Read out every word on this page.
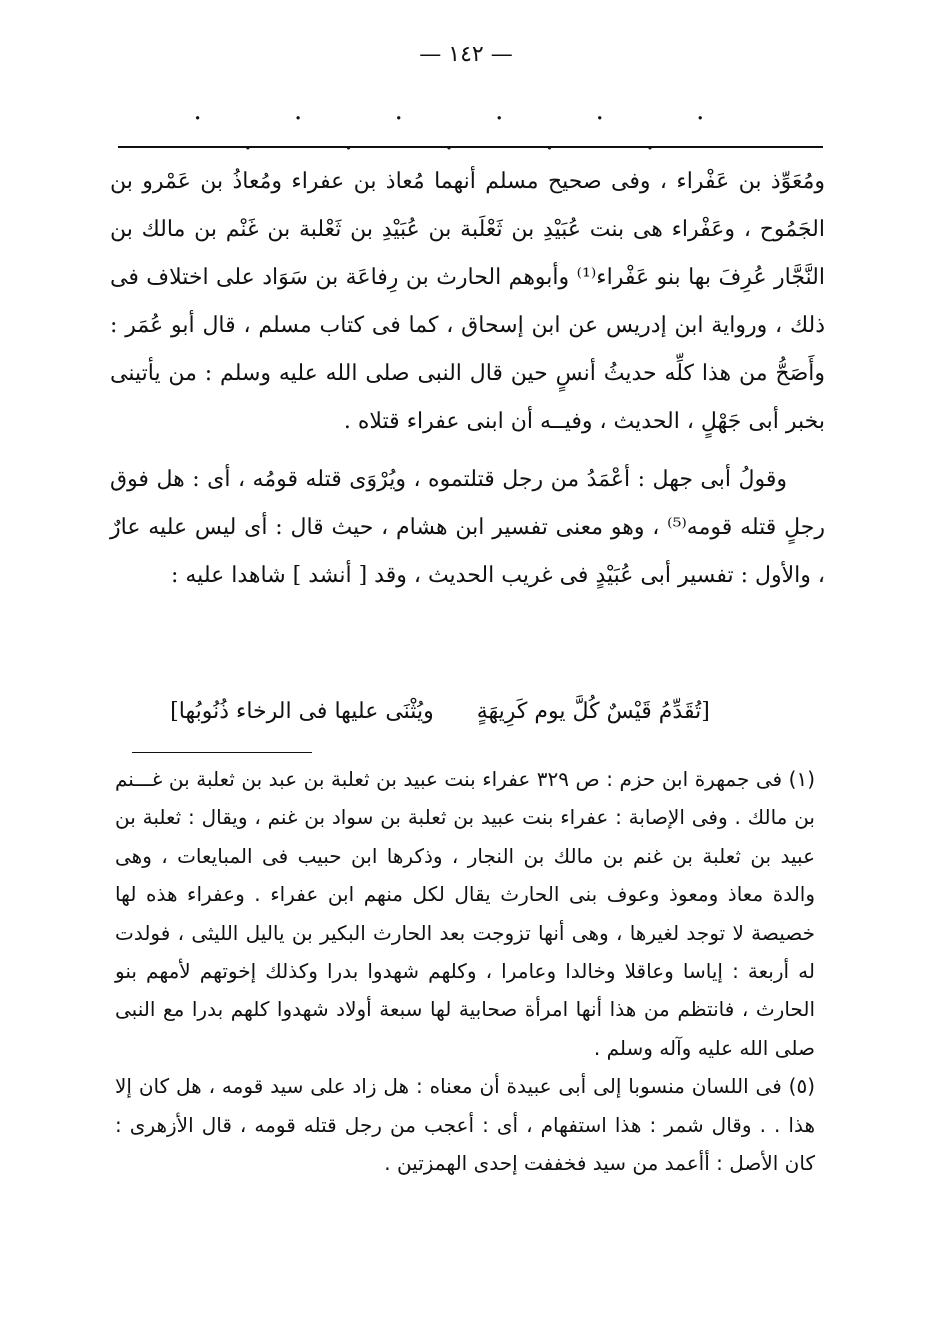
— ١٤٢ —
· · · · · · · · · · ·

ومُعَوِّذ بن عَفْراء ، وفى صحيح مسلم أنهما مُعاذ بن عفراء ومُعاذُ بن عَمْرو بن الجَمُوح ، وعَفْراء هى بنت عُبَيْدِ بن ثَعْلَبة بن عُبَيْدِ بن ثَعْلبة بن غَنْم بن مالك بن النَّجَّار عُرِفَ بها بنو عَفْراء⁽¹⁾ وأبوهم الحارث بن رِفاعَة بن سَوَاد على اختلاف فى ذلك ، ورواية ابن إدريس عن ابن إسحاق ، كما فى كتاب مسلم ، قال أبو عُمَر : وأَصَحُّ من هذا كلِّه حديثُ أنسٍ حين قال النبى صلى الله عليه وسلم : من يأتينى بخبر أبى جَهْلٍ ، الحديث ، وفيــه أن ابنى عفراء قتلاه .

وقولُ أبى جهل : أعْمَدُ من رجل قتلتموه ، ويُرْوَى قتله قومُه ، أى : هل فوق رجلٍ قتله قومه⁽⁵⁾ ، وهو معنى تفسير ابن هشام ، حيث قال : أى ليس عليه عارٌ ، والأول : تفسير أبى عُبَيْدٍ فى غريب الحديث ، وقد [ أنشد ] شاهدا عليه :

[تُقَدِّمُ قَيْسٌ كُلَّ يوم كَرِيهَةٍ ويُثْنَى عليها فى الرخاء ذُنُوبُها]

(١) فى جمهرة ابن حزم : ص ٣٢٩ عفراء بنت عبيد بن ثعلبة بن عبد بن ثعلبة بن غـــنم بن مالك . وفى الإصابة : عفراء بنت عبيد بن ثعلبة بن سواد بن غنم ، ويقال : ثعلبة بن عبيد بن ثعلبة بن غنم بن مالك بن النجار ، وذكرها ابن حبيب فى المبايعات ، وهى والدة معاذ ومعوذ وعوف بنى الحارث يقال لكل منهم ابن عفراء . وعفراء هذه لها خصيصة لا توجد لغيرها ، وهى أنها تزوجت بعد الحارث البكير بن ياليل الليثى ، فولدت له أربعة : إياسا وعاقلا وخالدا وعامرا ، وكلهم شهدوا بدرا وكذلك إخوتهم لأمهم بنو الحارث ، فانتظم من هذا أنها امرأة صحابية لها سبعة أولاد شهدوا كلهم بدرا مع النبى صلى الله عليه وآله وسلم .

(٥) فى اللسان منسوبا إلى أبى عبيدة أن معناه : هل زاد على سيد قومه ، هل كان إلا هذا . . وقال شمر : هذا استفهام ، أى : أعجب من رجل قتله قومه ، قال الأزهرى : كان الأصل : أأعمد من سيد فخففت إحدى الهمزتين .
